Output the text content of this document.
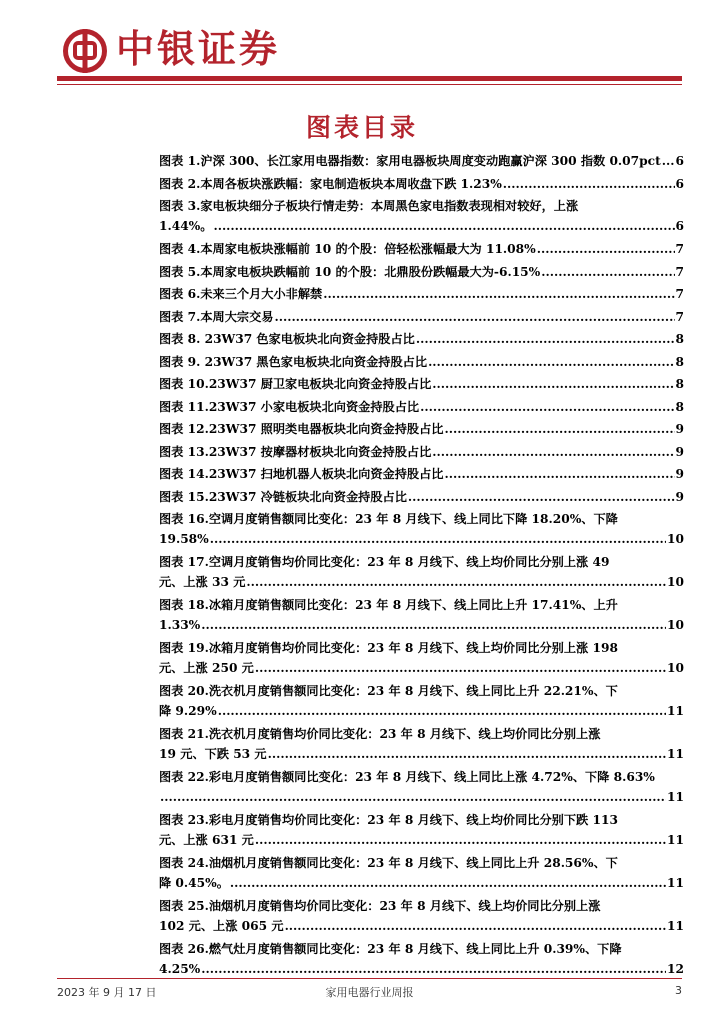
中银证券
图表目录
图表 1.沪深 300、长江家用电器指数：家用电器板块周度变动跑赢沪深 300 指数 0.07pct ..... 6
图表 2.本周各板块涨跌幅：家电制造板块本周收盘下跌 1.23% .....	6
图表 3.家电板块细分子板块行情走势：本周黑色家电指数表现相对较好，上涨
1.44%。 .....	6
图表 4.本周家电板块涨幅前 10 的个股：倍轻松涨幅最大为 11.08% .....	7
图表 5.本周家电板块跌幅前 10 的个股：北鼎股份跌幅最大为-6.15% .....	7
图表 6.未来三个月大小非解禁 .....	7
图表 7.本周大宗交易 .....	7
图表 8. 23W37 色家电板块北向资金持股占比 .....	8
图表 9. 23W37 黑色家电板块北向资金持股占比 .....	8
图表 10.23W37 厨卫家电板块北向资金持股占比 .....	8
图表 11.23W37 小家电板块北向资金持股占比 .....	8
图表 12.23W37 照明类电器板块北向资金持股占比 .....	9
图表 13.23W37 按摩器材板块北向资金持股占比 .....	9
图表 14.23W37 扫地机器人板块北向资金持股占比 .....	9
图表 15.23W37 冷链板块北向资金持股占比 .....	9
图表 16.空调月度销售额同比变化：23 年 8 月线下、线上同比下降 18.20%、下降
19.58% .....	10
图表 17.空调月度销售均价同比变化：23 年 8 月线下、线上均价同比分别上涨 49
元、上涨 33 元 .....	10
图表 18.冰箱月度销售额同比变化：23 年 8 月线下、线上同比上升 17.41%、上升
1.33% .....	10
图表 19.冰箱月度销售均价同比变化：23 年 8 月线下、线上均价同比分别上涨 198
元、上涨 250 元 .....	10
图表 20.洗衣机月度销售额同比变化：23 年 8 月线下、线上同比上升 22.21%、下
降 9.29% .....	11
图表 21.洗衣机月度销售均价同比变化：23 年 8 月线下、线上均价同比分别上涨
19 元、下跌 53 元 .....	11
图表 22.彩电月度销售额同比变化：23 年 8 月线下、线上同比上涨 4.72%、下降 8.63%
.....
11
图表 23.彩电月度销售均价同比变化：23 年 8 月线下、线上均价同比分别下跌 113
元、上涨 631 元 .....	11
图表 24.油烟机月度销售额同比变化：23 年 8 月线下、线上同比上升 28.56%、下
降 0.45%。 .....	11
图表 25.油烟机月度销售均价同比变化：23 年 8 月线下、线上均价同比分别上涨
102 元、上涨 065 元 .....	11
图表 26.燃气灶月度销售额同比变化：23 年 8 月线下、线上同比上升 0.39%、下降
4.25% .....	12
2023 年 9 月 17 日	家用电器行业周报	3
